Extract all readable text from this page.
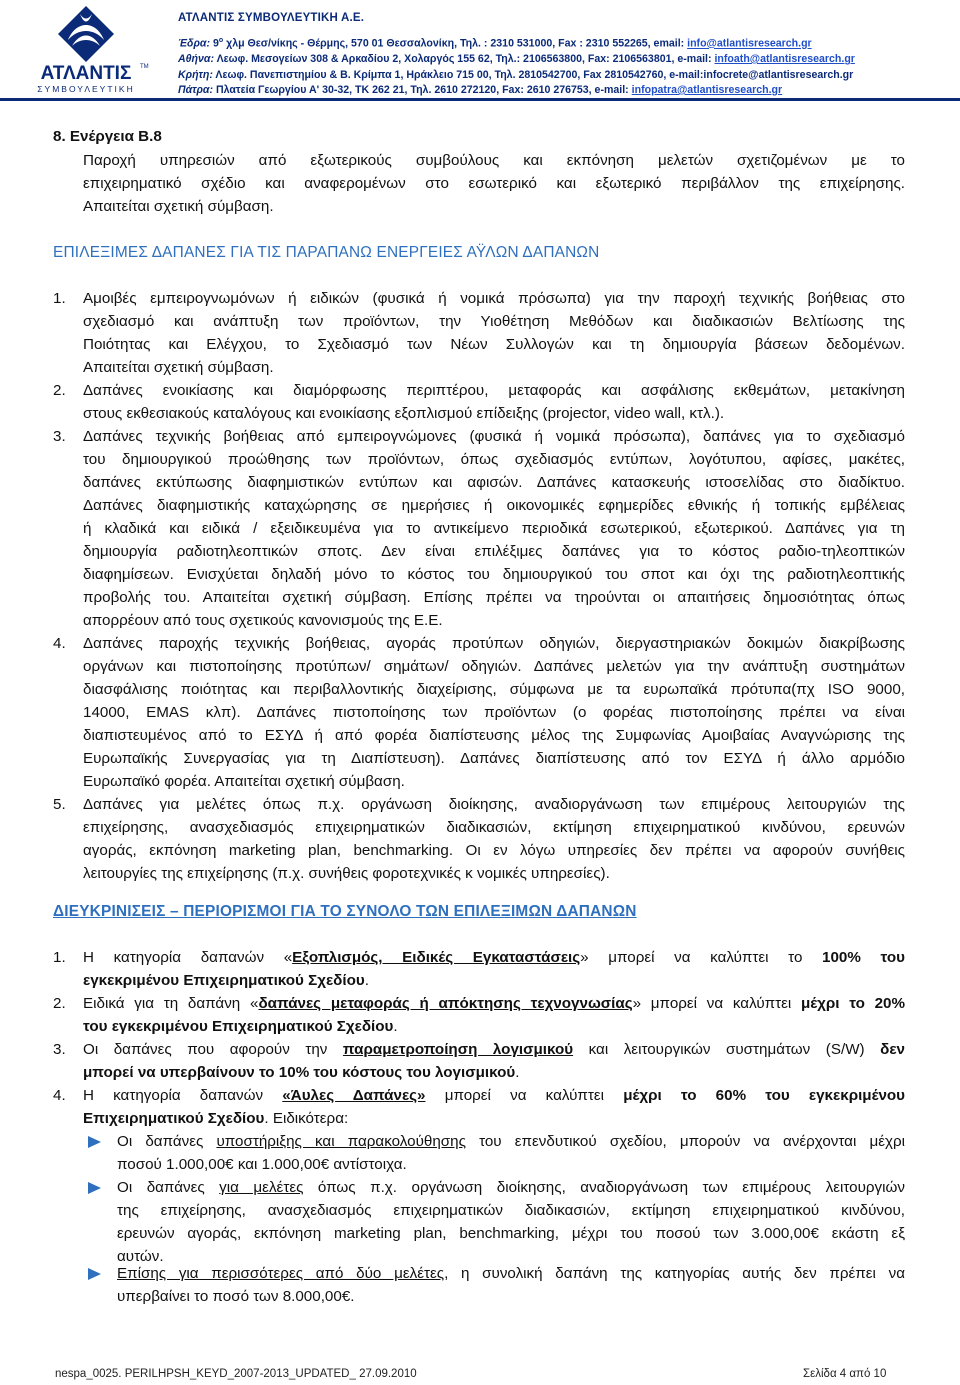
ΑΤΛΑΝΤΙΣ
ΣΥΜΒΟΥΛΕΥΤΙΚΗ
TM
ΑΤΛΑΝΤΙΣ ΣΥΜΒΟΥΛΕΥΤΙΚΗ Α.Ε.
Έδρα: $9^o$ χλμ Θεσ/νίκης - Θέρμης, 570 01 Θεσσαλονίκη, Τηλ. : 2310 531000, Fax : 2310 552265, email: info@atlantisresearch.gr
Αθήνα: Λεωφ. Μεσογείων 308 & Αρκαδίου 2, Χολαργός 155 62, Τηλ.: 2106563800, Fax: 2106563801, e-mail: infoath@atlantisresearch.gr
Κρήτη: Λεωφ. Πανεπιστημίου & Β. Κρίμπα 1, Ηράκλειο 715 00, Τηλ. 2810542700, Fax 2810542760, e-mail:infocrete@atlantisresearch.gr
Πάτρα: Πλατεία Γεωργίου Α' 30-32, ΤΚ 262 21, Τηλ. 2610 272120, Fax: 2610 276753, e-mail: infopatra@atlantisresearch.gr
8. Ενέργεια Β.8
Παροχή υπηρεσιών από εξωτερικούς συμβούλους και εκπόνηση μελετών σχετιζομένων με το
επιχειρηματικό σχέδιο και αναφερομένων στο εσωτερικό και εξωτερικό περιβάλλον της επιχείρησης.
Απαιτείται σχετική σύμβαση.
ΕΠΙΛΕΞΙΜΕΣ ΔΑΠΑΝΕΣ ΓΙΑ ΤΙΣ ΠΑΡΑΠΑΝΩ ΕΝΕΡΓΕΙΕΣ ΑΫΛΩΝ ΔΑΠΑΝΩΝ
1. Αμοιβές εμπειρογνωμόνων ή ειδικών (φυσικά ή νομικά πρόσωπα) για την παροχή τεχνικής βοήθειας στο
σχεδιασμό και ανάπτυξη των προϊόντων, την Υιοθέτηση Μεθόδων και διαδικασιών Βελτίωσης της
Ποιότητας και Ελέγχου, το Σχεδιασμό των Νέων Συλλογών και τη δημιουργία βάσεων δεδομένων.
Απαιτείται σχετική σύμβαση.
2. Δαπάνες ενοικίασης και διαμόρφωσης περιπτέρου, μεταφοράς και ασφάλισης εκθεμάτων, μετακίνηση
στους εκθεσιακούς καταλόγους και ενοικίασης εξοπλισμού επίδειξης (projector, video wall, κτλ.).
3. Δαπάνες τεχνικής βοήθειας από εμπειρογνώμονες (φυσικά ή νομικά πρόσωπα), δαπάνες για το σχεδιασμό
του δημιουργικού προώθησης των προϊόντων, όπως σχεδιασμός εντύπων, λογότυπου, αφίσες, μακέτες,
δαπάνες εκτύπωσης διαφημιστικών εντύπων και αφισών. Δαπάνες κατασκευής ιστοσελίδας στο διαδίκτυο.
Δαπάνες διαφημιστικής καταχώρησης σε ημερήσιες ή οικονομικές εφημερίδες εθνικής ή τοπικής εμβέλειας
ή κλαδικά και ειδικά / εξειδικευμένα για το αντικείμενο περιοδικά εσωτερικού, εξωτερικού. Δαπάνες για τη
δημιουργία ραδιοτηλεοπτικών σποτς. Δεν είναι επιλέξιμες δαπάνες για το κόστος ραδιο-τηλεοπτικών
διαφημίσεων. Ενισχύεται δηλαδή μόνο το κόστος του δημιουργικού του σποτ και όχι της ραδιοτηλεοπτικής
προβολής του. Απαιτείται σχετική σύμβαση. Επίσης πρέπει να τηρούνται οι απαιτήσεις δημοσιότητας όπως
απορρέουν από τους σχετικούς κανονισμούς της Ε.Ε.
4. Δαπάνες παροχής τεχνικής βοήθειας, αγοράς προτύπων οδηγιών, διεργαστηριακών δοκιμών διακρίβωσης
οργάνων και πιστοποίησης προτύπων/ σημάτων/ οδηγιών. Δαπάνες μελετών για την ανάπτυξη συστημάτων
διασφάλισης ποιότητας και περιβαλλοντικής διαχείρισης, σύμφωνα με τα ευρωπαϊκά πρότυπα(πχ ISO 9000,
14000, EMAS κλπ). Δαπάνες πιστοποίησης των προϊόντων (ο φορέας πιστοποίησης πρέπει να είναι
διαπιστευμένος από το ΕΣΥΔ ή από φορέα διαπίστευσης μέλος της Συμφωνίας Αμοιβαίας Αναγνώρισης της
Ευρωπαϊκής Συνεργασίας για τη Διαπίστευση). Δαπάνες διαπίστευσης από τον ΕΣΥΔ ή άλλο αρμόδιο
Ευρωπαϊκό φορέα. Απαιτείται σχετική σύμβαση.
5. Δαπάνες για μελέτες όπως π.χ. οργάνωση διοίκησης, αναδιοργάνωση των επιμέρους λειτουργιών της
επιχείρησης, ανασχεδιασμός επιχειρηματικών διαδικασιών, εκτίμηση επιχειρηματικού κινδύνου, ερευνών
αγοράς, εκπόνηση marketing plan, benchmarking. Οι εν λόγω υπηρεσίες δεν πρέπει να αφορούν συνήθεις
λειτουργίες της επιχείρησης (π.χ. συνήθεις φοροτεχνικές κ νομικές υπηρεσίες).
ΔΙΕΥΚΡΙΝΙΣΕΙΣ – ΠΕΡΙΟΡΙΣΜΟΙ ΓΙΑ ΤΟ ΣΥΝΟΛΟ ΤΩΝ ΕΠΙΛΕΞΙΜΩΝ ΔΑΠΑΝΩΝ
1. Η κατηγορία δαπανών «Εξοπλισμός, Ειδικές Εγκαταστάσεις» μπορεί να καλύπτει το 100% του
εγκεκριμένου Επιχειρηματικού Σχεδίου.
2. Ειδικά για τη δαπάνη «δαπάνες μεταφοράς ή απόκτησης τεχνογνωσίας» μπορεί να καλύπτει μέχρι το 20%
του εγκεκριμένου Επιχειρηματικού Σχεδίου.
3. Οι δαπάνες που αφορούν την παραμετροποίηση λογισμικού και λειτουργικών συστημάτων (S/W) δεν
μπορεί να υπερβαίνουν το 10% του κόστους του λογισμικού.
4. Η κατηγορία δαπανών «Άυλες Δαπάνες» μπορεί να καλύπτει μέχρι το 60% του εγκεκριμένου
Επιχειρηματικού Σχεδίου. Ειδικότερα:
Οι δαπάνες υποστήριξης και παρακολούθησης του επενδυτικού σχεδίου, μπορούν να ανέρχονται μέχρι
ποσού 1.000,00€ και 1.000,00€ αντίστοιχα.
Οι δαπάνες για μελέτες όπως π.χ. οργάνωση διοίκησης, αναδιοργάνωση των επιμέρους λειτουργιών
της επιχείρησης, ανασχεδιασμός επιχειρηματικών διαδικασιών, εκτίμηση επιχειρηματικού κινδύνου,
ερευνών αγοράς, εκπόνηση marketing plan, benchmarking, μέχρι του ποσού των 3.000,00€ εκάστη εξ
αυτών.
Επίσης για περισσότερες από δύο μελέτες, η συνολική δαπάνη της κατηγορίας αυτής δεν πρέπει να
υπερβαίνει το ποσό των 8.000,00€.
nespa_0025. PERILHPSH_KEYD_2007-2013_UPDATED_ 27.09.2010	Σελίδα 4 από 10
